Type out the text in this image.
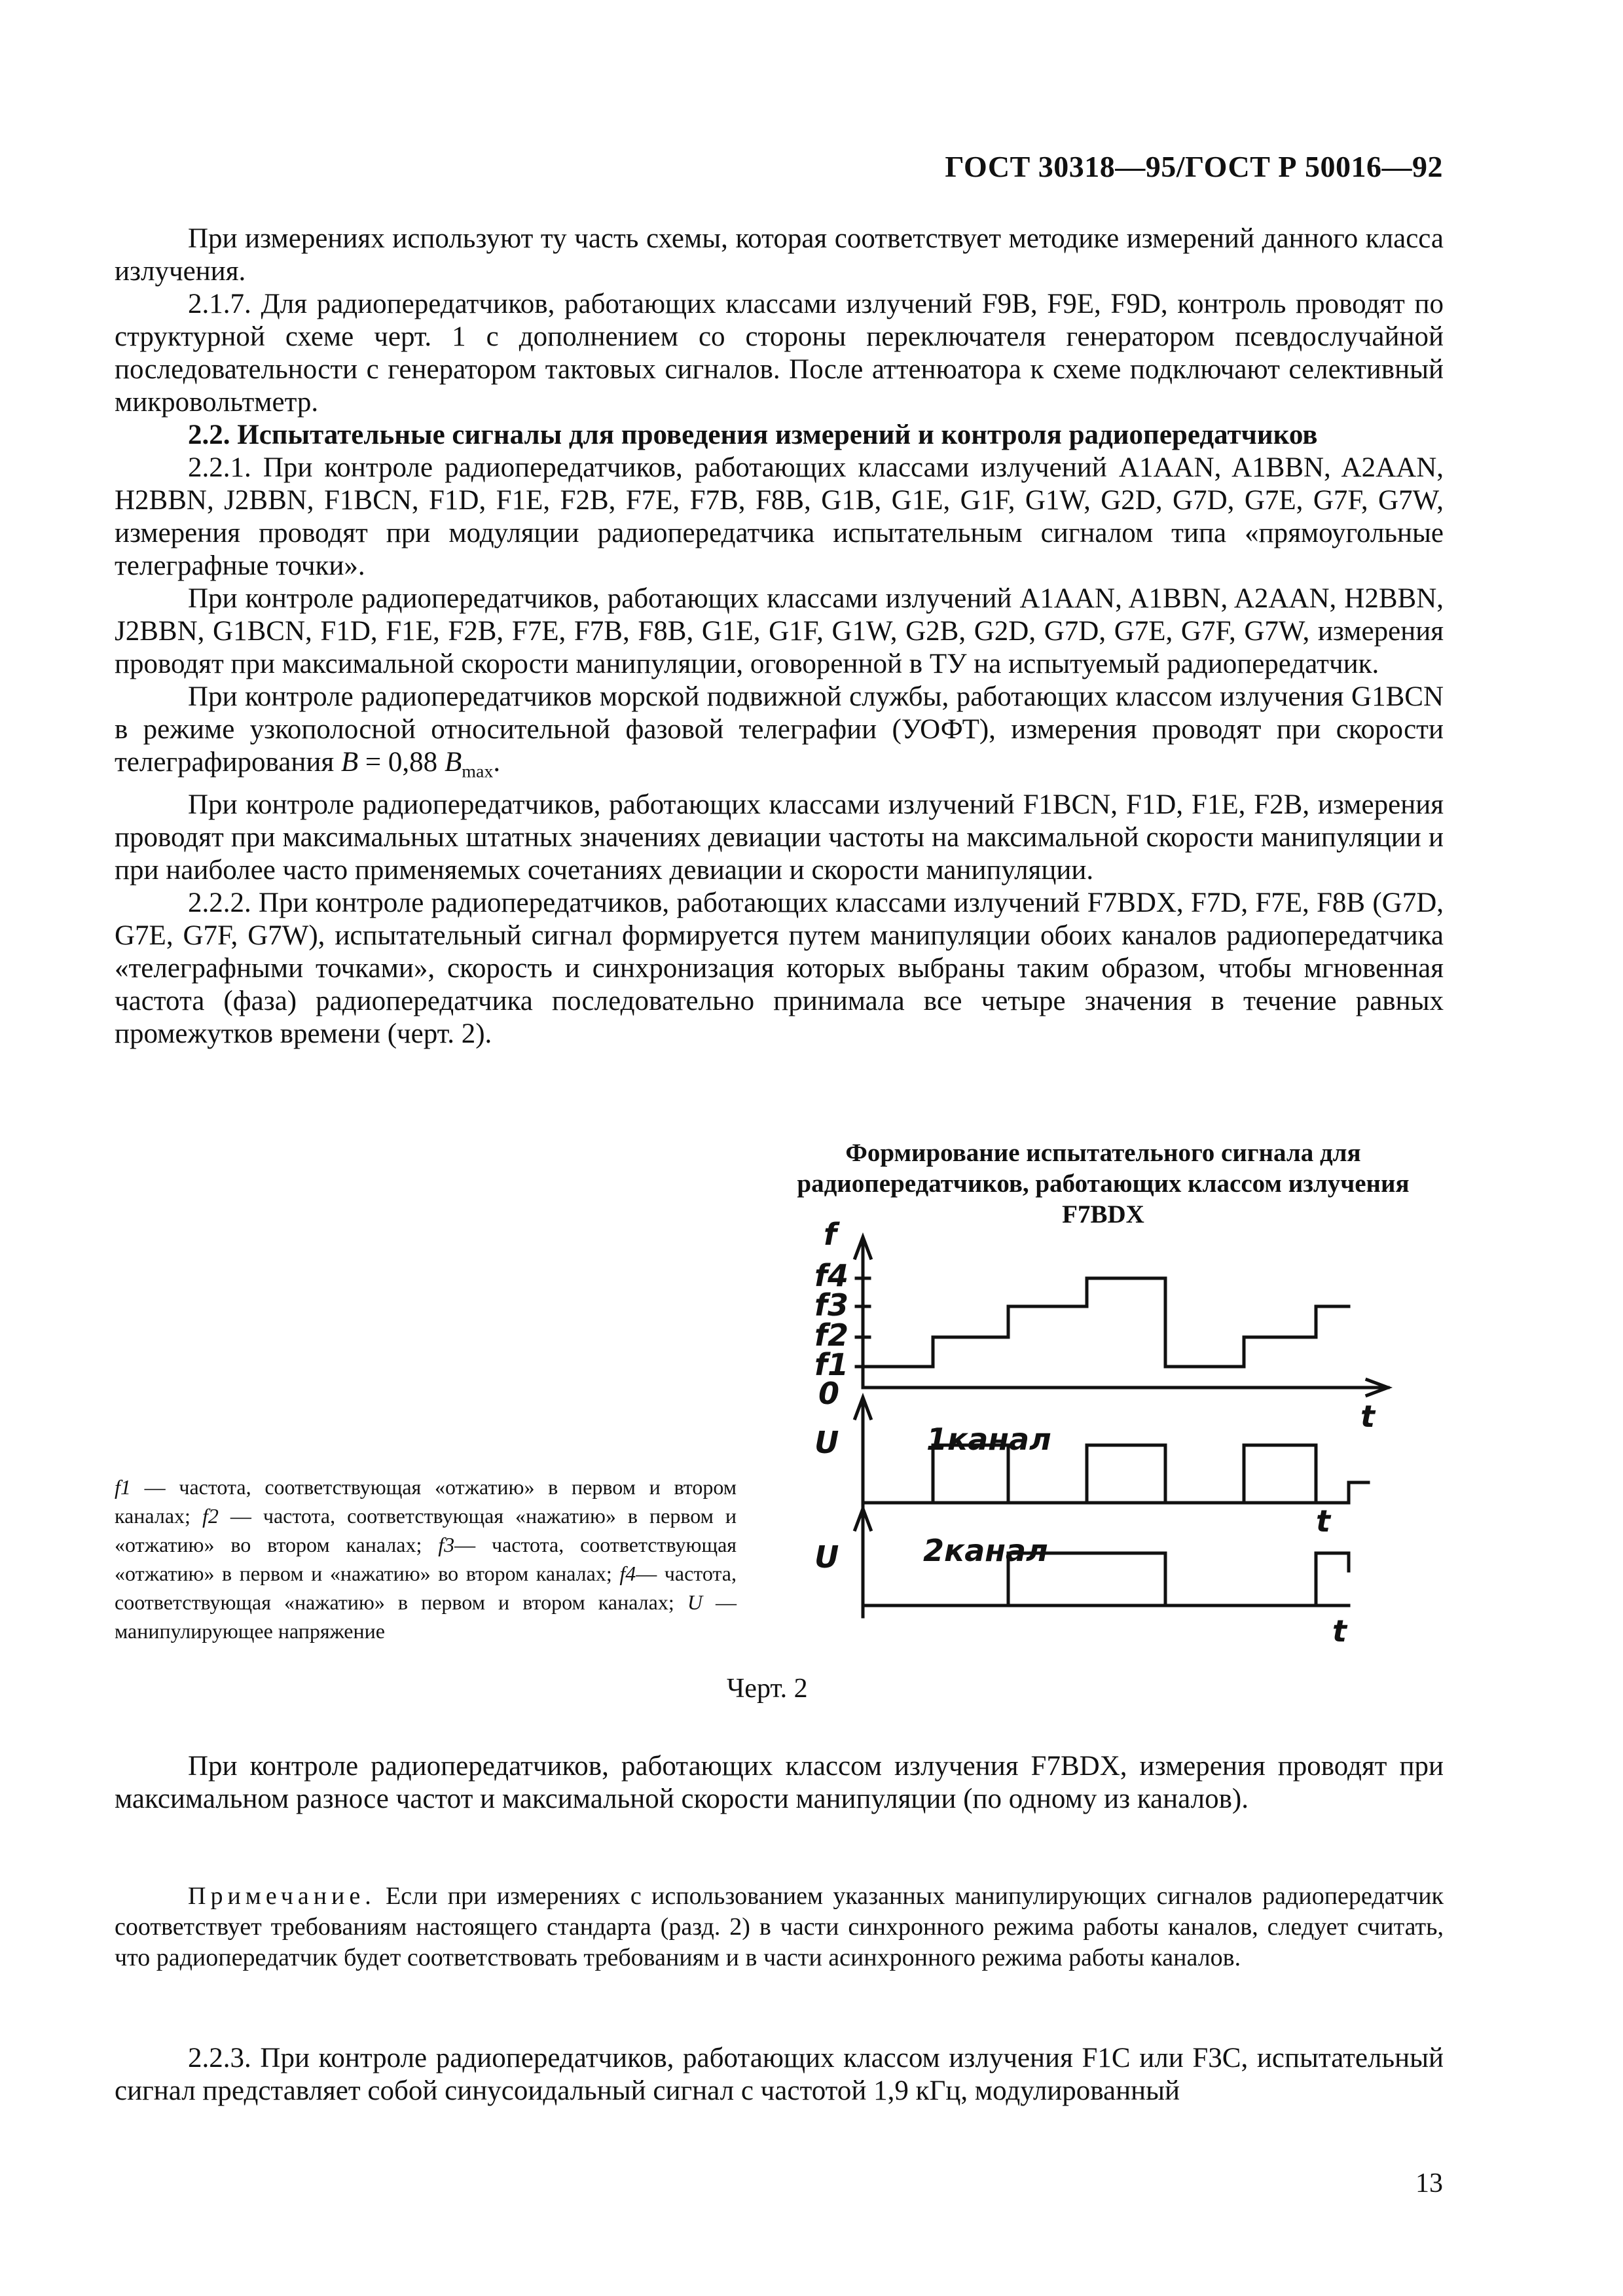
ГОСТ 30318—95/ГОСТ Р 50016—92

При измерениях используют ту часть схемы, которая соответствует методике измерений данного класса излучения.

2.1.7. Для радиопередатчиков, работающих классами излучений F9B, F9E, F9D, контроль проводят по структурной схеме черт. 1 с дополнением со стороны переключателя генератором псевдослучайной последовательности с генератором тактовых сигналов. После аттенюатора к схеме подключают селективный микровольтметр.

2.2. Испытательные сигналы для проведения измерений и контроля радиопередатчиков

2.2.1. При контроле радиопередатчиков, работающих классами излучений A1AAN, A1BBN, A2AAN, H2BBN, J2BBN, F1BCN, F1D, F1E, F2B, F7E, F7B, F8B, G1B, G1E, G1F, G1W, G2D, G7D, G7E, G7F, G7W, измерения проводят при модуляции радиопередатчика испытательным сигналом типа «прямоугольные телеграфные точки».

При контроле радиопередатчиков, работающих классами излучений A1AAN, A1BBN, A2AAN, H2BBN, J2BBN, G1BCN, F1D, F1E, F2B, F7E, F7B, F8B, G1E, G1F, G1W, G2B, G2D, G7D, G7E, G7F, G7W, измерения проводят при максимальной скорости манипуляции, оговоренной в ТУ на испытуемый радиопередатчик.

При контроле радиопередатчиков морской подвижной службы, работающих классом излучения G1BCN в режиме узкополосной относительной фазовой телеграфии (УОФТ), измерения проводят при скорости телеграфирования B = 0,88 $B_{max}$.

При контроле радиопередатчиков, работающих классами излучений F1BCN, F1D, F1E, F2B, измерения проводят при максимальных штатных значениях девиации частоты на максимальной скорости манипуляции и при наиболее часто применяемых сочетаниях девиации и скорости манипуляции.

2.2.2. При контроле радиопередатчиков, работающих классами излучений F7BDX, F7D, F7E, F8B (G7D, G7E, G7F, G7W), испытательный сигнал формируется путем манипуляции обоих каналов радиопередатчика «телеграфными точками», скорость и синхронизация которых выбраны таким образом, чтобы мгновенная частота (фаза) радиопередатчика последовательно принимала все четыре значения в течение равных промежутков времени (черт. 2).

Формирование испытательного сигнала для радиопередатчиков, работающих классом излучения F7BDX
f
f4
f3
f2
f1
0
t
U	1канал
t
U	2канал
t
f1 — частота, соответствующая «отжатию» в первом и втором каналах; f2 — частота, соответствующая «нажатию» в первом и «отжатию» во втором каналах; f3— частота, соответствующая «отжатию» в первом и «нажатию» во втором каналах; f4— частота, соответствующая «нажатию» в первом и втором каналах; U — манипулирующее напряжение
Черт. 2

При контроле радиопередатчиков, работающих классом излучения F7BDX, измерения проводят при максимальном разносе частот и максимальной скорости манипуляции (по одному из каналов).

Примечание. Если при измерениях с использованием указанных манипулирующих сигналов радиопередатчик соответствует требованиям настоящего стандарта (разд. 2) в части синхронного режима работы каналов, следует считать, что радиопередатчик будет соответствовать требованиям и в части асинхронного режима работы каналов.

2.2.3. При контроле радиопередатчиков, работающих классом излучения F1C или F3C, испытательный сигнал представляет собой синусоидальный сигнал с частотой 1,9 кГц, модулированный

13
